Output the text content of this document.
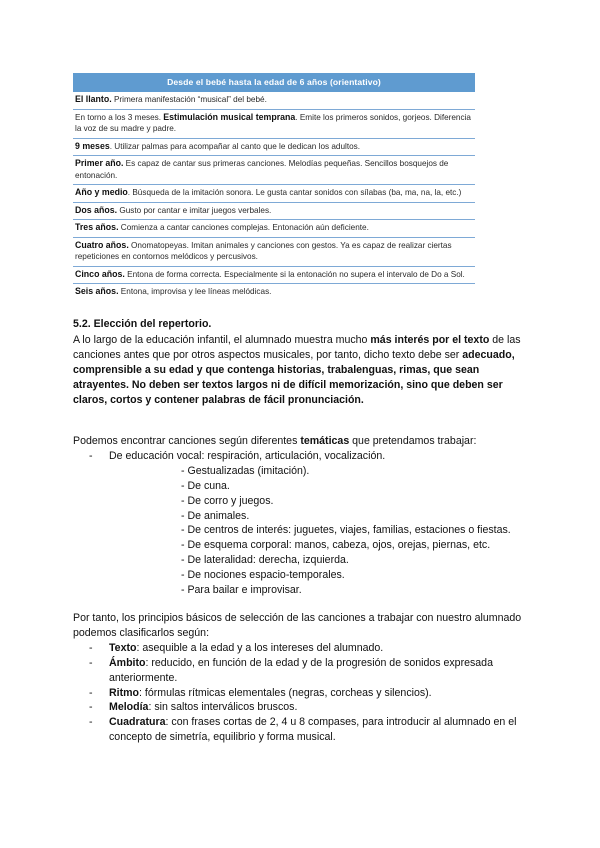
Desde el bebé hasta la edad de 6 años (orientativo)
El llanto. Primera manifestación “musical” del bebé.
En torno a los 3 meses. Estimulación musical temprana. Emite los primeros sonidos, gorjeos. Diferencia la voz de su madre y padre.
9 meses. Utilizar palmas para acompañar al canto que le dedican los adultos.
Primer año. Es capaz de cantar sus primeras canciones. Melodías pequeñas. Sencillos bosquejos de entonación.
Año y medio. Búsqueda de la imitación sonora. Le gusta cantar sonidos con sílabas (ba, ma, na, la, etc.)
Dos años. Gusto por cantar e imitar juegos verbales.
Tres años. Comienza a cantar canciones complejas. Entonación aún deficiente.
Cuatro años. Onomatopeyas. Imitan animales y canciones con gestos. Ya es capaz de realizar ciertas repeticiones en contornos melódicos y percusivos.
Cinco años. Entona de forma correcta. Especialmente si la entonación no supera el intervalo de Do a Sol.
Seis años. Entona, improvisa y lee líneas melódicas.
5.2. Elección del repertorio.
A lo largo de la educación infantil, el alumnado muestra mucho más interés por el texto de las canciones antes que por otros aspectos musicales, por tanto, dicho texto debe ser adecuado, comprensible a su edad y que contenga historias, trabalenguas, rimas, que sean atrayentes. No deben ser textos largos ni de difícil memorización, sino que deben ser claros, cortos y contener palabras de fácil pronunciación.
Podemos encontrar canciones según diferentes temáticas que pretendamos trabajar:
- De educación vocal: respiración, articulación, vocalización.
- Gestualizadas (imitación).
- De cuna.
- De corro y juegos.
- De animales.
- De centros de interés: juguetes, viajes, familias, estaciones o fiestas.
- De esquema corporal: manos, cabeza, ojos, orejas, piernas, etc.
- De lateralidad: derecha, izquierda.
- De nociones espacio-temporales.
- Para bailar e improvisar.
Por tanto, los principios básicos de selección de las canciones a trabajar con nuestro alumnado podemos clasificarlos según:
- Texto: asequible a la edad y a los intereses del alumnado.
- Ámbito: reducido, en función de la edad y de la progresión de sonidos expresada anteriormente.
- Ritmo: fórmulas rítmicas elementales (negras, corcheas y silencios).
- Melodía: sin saltos interválicos bruscos.
- Cuadratura: con frases cortas de 2, 4 u 8 compases, para introducir al alumnado en el concepto de simetría, equilibrio y forma musical.
